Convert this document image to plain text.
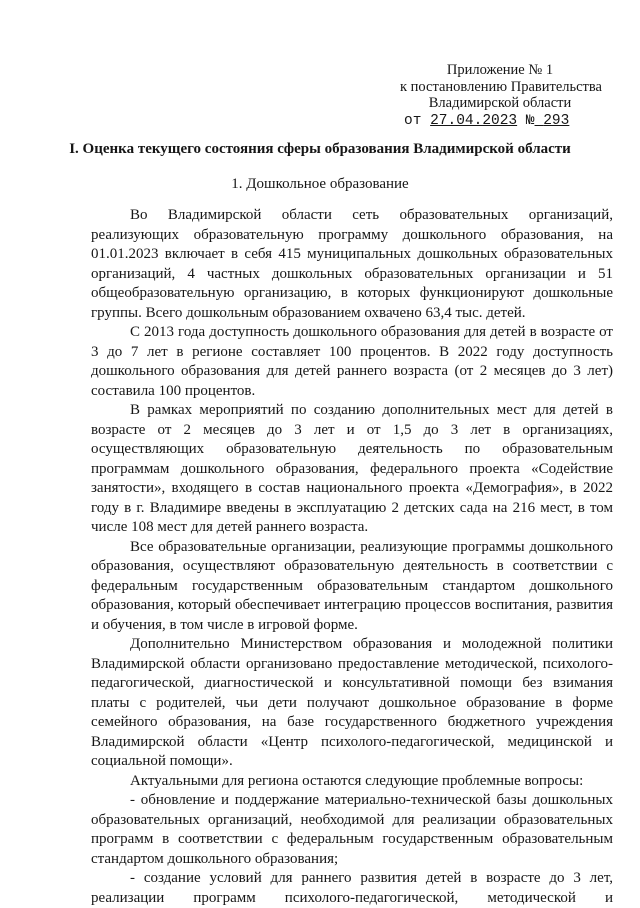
Приложение № 1
к постановлению Правительства
Владимирской области
от 27.04.2023 № 293
I. Оценка текущего состояния сферы образования Владимирской области
1. Дошкольное образование

Во Владимирской области сеть образовательных организаций, реализующих образовательную программу дошкольного образования, на 01.01.2023 включает в себя 415 муниципальных дошкольных образовательных организаций, 4 частных дошкольных образовательных организации и 51 общеобразовательную организацию, в которых функционируют дошкольные группы. Всего дошкольным образованием охвачено 63,4 тыс. детей.

С 2013 года доступность дошкольного образования для детей в возрасте от 3 до 7 лет в регионе составляет 100 процентов. В 2022 году доступность дошкольного образования для детей раннего возраста (от 2 месяцев до 3 лет) составила 100 процентов.

В рамках мероприятий по созданию дополнительных мест для детей в возрасте от 2 месяцев до 3 лет и от 1,5 до 3 лет в организациях, осуществляющих образовательную деятельность по образовательным программам дошкольного образования, федерального проекта «Содействие занятости», входящего в состав национального проекта «Демография», в 2022 году в г. Владимире введены в эксплуатацию 2 детских сада на 216 мест, в том числе 108 мест для детей раннего возраста.

Все образовательные организации, реализующие программы дошкольного образования, осуществляют образовательную деятельность в соответствии с федеральным государственным образовательным стандартом дошкольного образования, который обеспечивает интеграцию процессов воспитания, развития и обучения, в том числе в игровой форме.

Дополнительно Министерством образования и молодежной политики Владимирской области организовано предоставление методической, психолого-педагогической, диагностической и консультативной помощи без взимания платы с родителей, чьи дети получают дошкольное образование в форме семейного образования, на базе государственного бюджетного учреждения Владимирской области «Центр психолого-педагогической, медицинской и социальной помощи».

Актуальными для региона остаются следующие проблемные вопросы:

- обновление и поддержание материально-технической базы дошкольных образовательных организаций, необходимой для реализации образовательных программ в соответствии с федеральным государственным образовательным стандартом дошкольного образования;

- создание условий для раннего развития детей в возрасте до 3 лет, реализации программ психолого-педагогической, методической и
